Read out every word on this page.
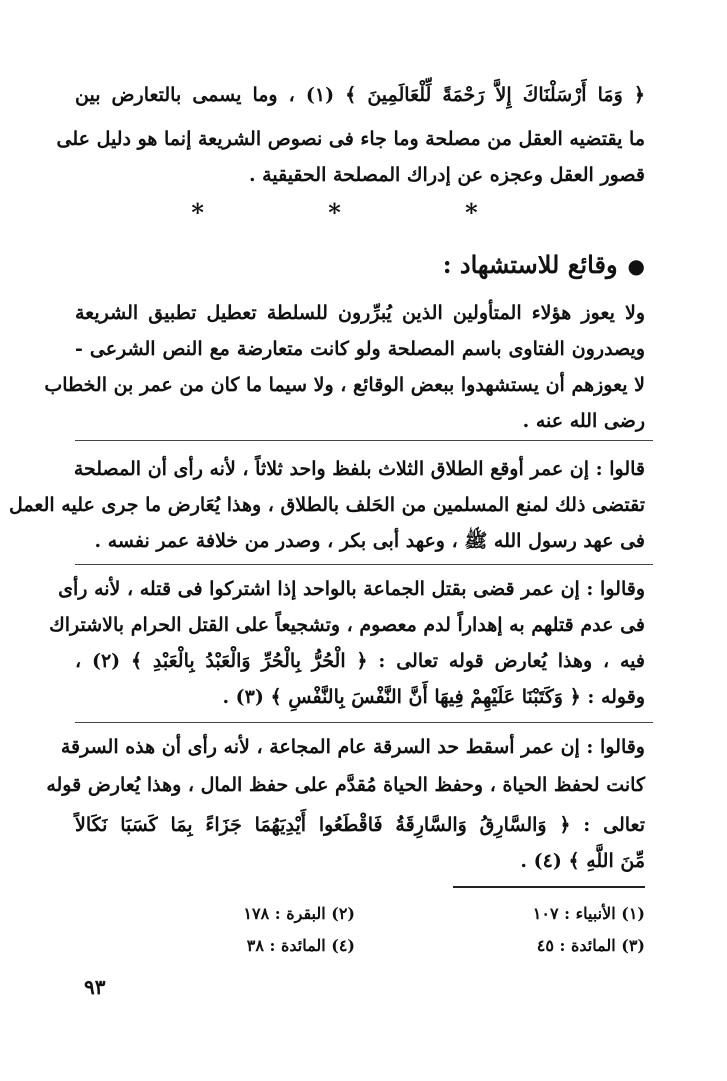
﴿ وَمَا أَرْسَلْنَاكَ إِلاَّ رَحْمَةً لِّلْعَالَمِينَ ﴾ (١) ، وما يسمى بالتعارض بين
ما يقتضيه العقل من مصلحة وما جاء فى نصوص الشريعة إنما هو دليل على
قصور العقل وعجزه عن إدراك المصلحة الحقيقية .
* * *
●وقائع للاستشهاد :
ولا يعوز هؤلاء المتأولين الذين يُبرِّرون للسلطة تعطيل تطبيق الشريعة
ويصدرون الفتاوى باسم المصلحة ولو كانت متعارضة مع النص الشرعى -
لا يعوزهم أن يستشهدوا ببعض الوقائع ، ولا سيما ما كان من عمر بن الخطاب
رضى الله عنه .
قالوا : إن عمر أوقع الطلاق الثلاث بلفظ واحد ثلاثاً ، لأنه رأى أن المصلحة
تقتضى ذلك لمنع المسلمين من الحَلف بالطلاق ، وهذا يُعَارض ما جرى عليه العمل
فى عهد رسول الله ﷺ ، وعهد أبى بكر ، وصدر من خلافة عمر نفسه .
وقالوا : إن عمر قضى بقتل الجماعة بالواحد إذا اشتركوا فى قتله ، لأنه رأى
فى عدم قتلهم به إهداراً لدم معصوم ، وتشجيعاً على القتل الحرام بالاشتراك
فيه ، وهذا يُعارض قوله تعالى : ﴿ الْحُرُّ بِالْحُرِّ وَالْعَبْدُ بِالْعَبْدِ ﴾ (٢) ،
وقوله : ﴿ وَكَتَبْنَا عَلَيْهِمْ فِيهَا أَنَّ النَّفْسَ بِالنَّفْسِ ﴾ (٣) .
وقالوا : إن عمر أسقط حد السرقة عام المجاعة ، لأنه رأى أن هذه السرقة
كانت لحفظ الحياة ، وحفظ الحياة مُقدَّم على حفظ المال ، وهذا يُعارض قوله
تعالى : ﴿ وَالسَّارِقُ وَالسَّارِقَةُ فَاقْطَعُوا أَيْدِيَهُمَا جَزَاءً بِمَا كَسَبَا نَكَالاً
مِّنَ اللَّهِ ﴾ (٤) .
(١) الأنبياء : ١٠٧
(٢) البقرة : ١٧٨
(٣) المائدة : ٤٥
(٤) المائدة : ٣٨
٩٣
